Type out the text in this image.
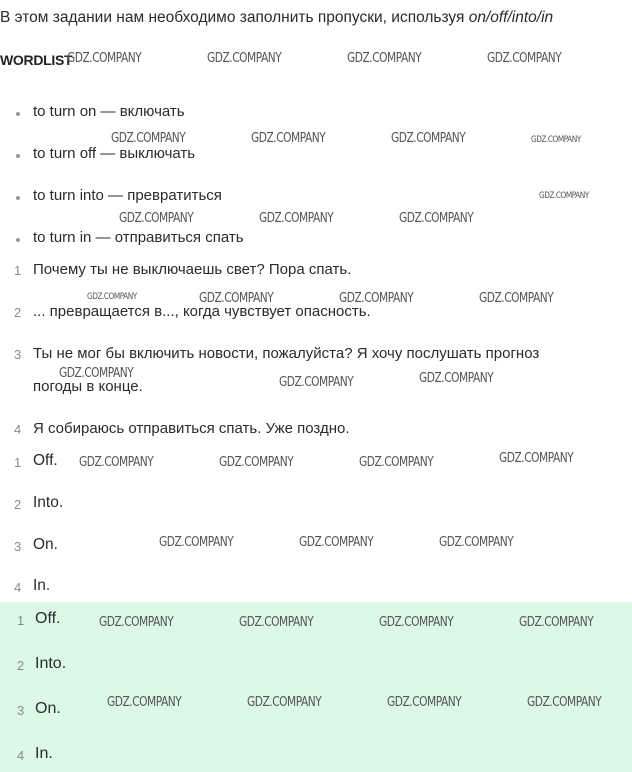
В этом задании нам необходимо заполнить пропуски, используя on/off/into/in
WORDLIST
GDZ.COMPANY	GDZ.COMPANY	GDZ.COMPANY	GDZ.COMPANY
GDZ.COMPANY	GDZ.COMPANY	GDZ.COMPANY	GDZ.COMPANY
GDZ.COMPANY
GDZ.COMPANY	GDZ.COMPANY	GDZ.COMPANY
GDZ.COMPANY	GDZ.COMPANY	GDZ.COMPANY	GDZ.COMPANY
GDZ.COMPANY
GDZ.COMPANY	GDZ.COMPANY
GDZ.COMPANY	GDZ.COMPANY	GDZ.COMPANY	GDZ.COMPANY
GDZ.COMPANY	GDZ.COMPANY	GDZ.COMPANY
to turn on — включать
to turn off — выключать
to turn into — превратиться
to turn in — отправиться спать
1 Почему ты не выключаешь свет? Пора спать.
2 ... превращается в..., когда чувствует опасность.
3 Ты не мог бы включить новости, пожалуйста? Я хочу послушать прогноз
погоды в конце.
4 Я собираюсь отправиться спать. Уже поздно.
1 Off.
2 Into.
3 On.
4 In.
GDZ.COMPANY	GDZ.COMPANY	GDZ.COMPANY	GDZ.COMPANY
GDZ.COMPANY	GDZ.COMPANY	GDZ.COMPANY	GDZ.COMPANY
1 Off.
2 Into.
3 On.
4 In.
